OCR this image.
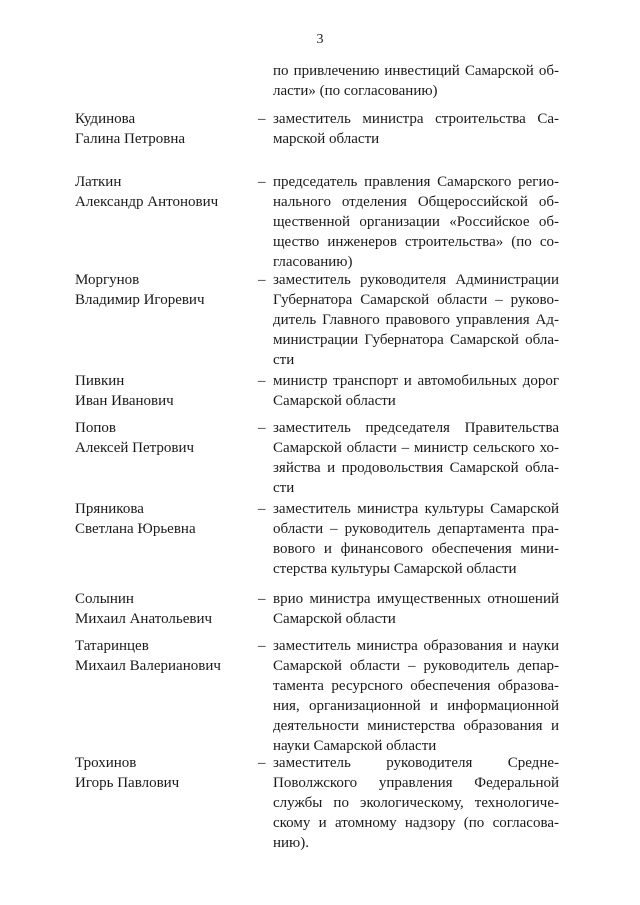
3
по привлечению инвестиций Самарской об-
ласти» (по согласованию)
Кудинова
Галина Петровна
– заместитель министра строительства Са-
марской области
Латкин
Александр Антонович
– председатель правления Самарского регио-
нального отделения Общероссийской об-
щественной организации «Российское об-
щество инженеров строительства» (по со-
гласованию)
Моргунов
Владимир Игоревич
– заместитель руководителя Администрации
Губернатора Самарской области – руково-
дитель Главного правового управления Ад-
министрации Губернатора Самарской обла-
сти
Пивкин
Иван Иванович
– министр транспорт и автомобильных дорог
Самарской области
Попов
Алексей Петрович
– заместитель председателя Правительства
Самарской области – министр сельского хо-
зяйства и продовольствия Самарской обла-
сти
Пряникова
Светлана Юрьевна
– заместитель министра культуры Самарской
области – руководитель департамента пра-
вового и финансового обеспечения мини-
стерства культуры Самарской области
Солынин
Михаил Анатольевич
– врио министра имущественных отношений
Самарской области
Татаринцев
Михаил Валерианович
– заместитель министра образования и науки
Самарской области – руководитель депар-
тамента ресурсного обеспечения образова-
ния, организационной и информационной
деятельности министерства образования и
науки Самарской области
Трохинов
Игорь Павлович
– заместитель руководителя Средне-
Поволжского управления Федеральной
службы по экологическому, технологиче-
скому и атомному надзору (по согласова-
нию).
